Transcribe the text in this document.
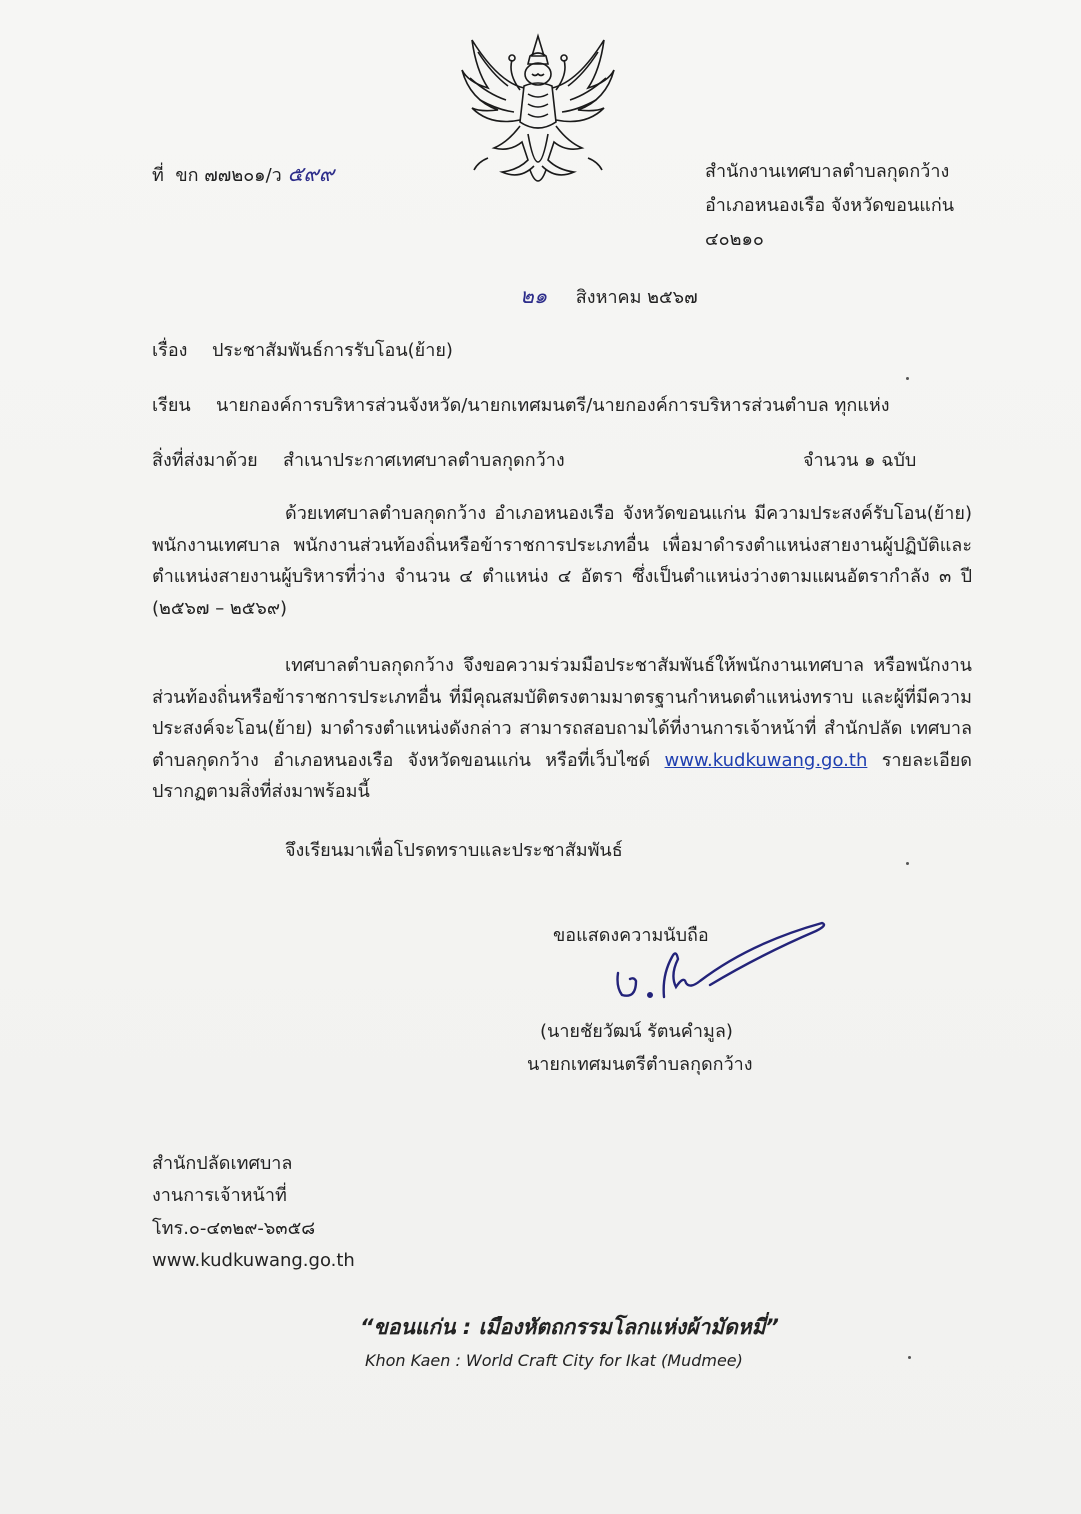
ที่ ขก ๗๗๒๐๑/ว ๕๙๙	สำนักงานเทศบาลตำบลกุดกว้าง
อำเภอหนองเรือ จังหวัดขอนแก่น
๔๐๒๑๐
๒๑ สิงหาคม ๒๕๖๗
เรื่อง ประชาสัมพันธ์การรับโอน(ย้าย)
เรียน นายกองค์การบริหารส่วนจังหวัด/นายกเทศมนตรี/นายกองค์การบริหารส่วนตำบล ทุกแห่ง
สิ่งที่ส่งมาด้วย สำเนาประกาศเทศบาลตำบลกุดกว้าง	จำนวน ๑ ฉบับ
ด้วยเทศบาลตำบลกุดกว้าง อำเภอหนองเรือ จังหวัดขอนแก่น มีความประสงค์รับโอน(ย้าย) พนักงานเทศบาล พนักงานส่วนท้องถิ่นหรือข้าราชการประเภทอื่น เพื่อมาดำรงตำแหน่งสายงานผู้ปฏิบัติและตำแหน่งสายงานผู้บริหารที่ว่าง จำนวน ๔ ตำแหน่ง ๔ อัตรา ซึ่งเป็นตำแหน่งว่างตามแผนอัตรากำลัง ๓ ปี (๒๕๖๗ – ๒๕๖๙)
เทศบาลตำบลกุดกว้าง จึงขอความร่วมมือประชาสัมพันธ์ให้พนักงานเทศบาล หรือพนักงานส่วนท้องถิ่นหรือข้าราชการประเภทอื่น ที่มีคุณสมบัติตรงตามมาตรฐานกำหนดตำแหน่งทราบ และผู้ที่มีความประสงค์จะโอน(ย้าย) มาดำรงตำแหน่งดังกล่าว สามารถสอบถามได้ที่งานการเจ้าหน้าที่ สำนักปลัด เทศบาลตำบลกุดกว้าง อำเภอหนองเรือ จังหวัดขอนแก่น หรือที่เว็บไซด์ www.kudkuwang.go.th รายละเอียดปรากฏตามสิ่งที่ส่งมาพร้อมนี้
จึงเรียนมาเพื่อโปรดทราบและประชาสัมพันธ์
ขอแสดงความนับถือ
(นายชัยวัฒน์ รัตนคำมูล)
นายกเทศมนตรีตำบลกุดกว้าง
สำนักปลัดเทศบาล
งานการเจ้าหน้าที่
โทร.๐-๔๓๒๙-๖๓๕๘
www.kudkuwang.go.th
“ขอนแก่น : เมืองหัตถกรรมโลกแห่งผ้ามัดหมี่”
Khon Kaen : World Craft City for Ikat (Mudmee)
